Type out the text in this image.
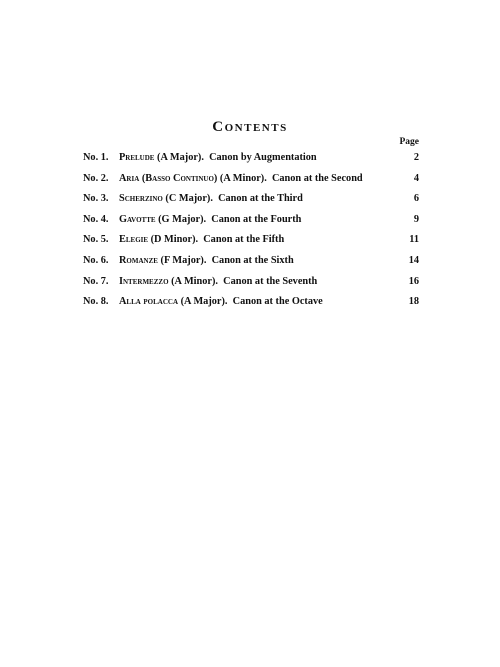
Contents
Page
No. 1. Prelude (A Major). Canon by Augmentation	2
No. 2. Aria (Basso Continuo) (A Minor). Canon at the Second	4
No. 3. Scherzino (C Major). Canon at the Third	6
No. 4. Gavotte (G Major). Canon at the Fourth	9
No. 5. Elegie (D Minor). Canon at the Fifth	11
No. 6. Romanze (F Major). Canon at the Sixth	14
No. 7. Intermezzo (A Minor). Canon at the Seventh	16
No. 8. Alla polacca (A Major). Canon at the Octave	18
